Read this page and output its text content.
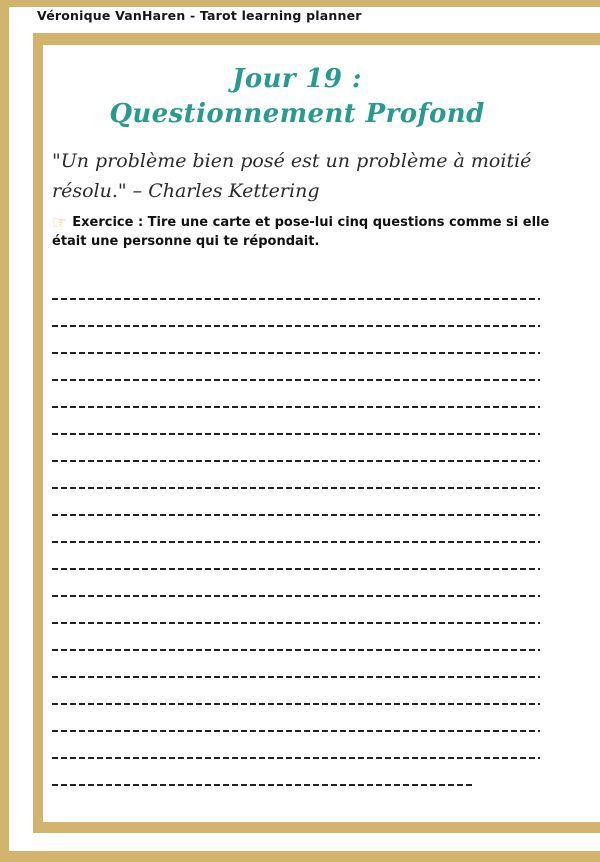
Véronique VanHaren - Tarot learning planner
Jour 19 :
Questionnement Profond
"Un problème bien posé est un problème à moitié résolu." – Charles Kettering
☞ Exercice : Tire une carte et pose-lui cinq questions comme si elle était une personne qui te répondait.
